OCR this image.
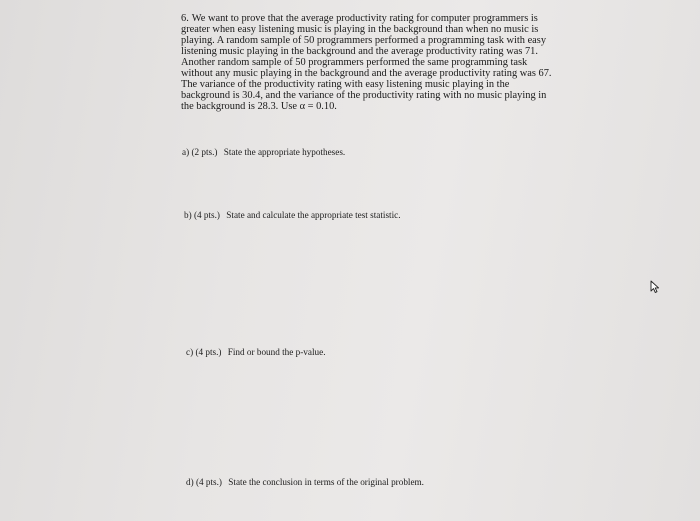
6. We want to prove that the average productivity rating for computer programmers is
greater when easy listening music is playing in the background than when no music is
playing. A random sample of 50 programmers performed a programming task with easy
listening music playing in the background and the average productivity rating was 71.
Another random sample of 50 programmers performed the same programming task
without any music playing in the background and the average productivity rating was 67.
The variance of the productivity rating with easy listening music playing in the
background is 30.4, and the variance of the productivity rating with no music playing in
the background is 28.3. Use α = 0.10.
a) (2 pts.) State the appropriate hypotheses.
b) (4 pts.) State and calculate the appropriate test statistic.
c) (4 pts.) Find or bound the p-value.
d) (4 pts.) State the conclusion in terms of the original problem.
